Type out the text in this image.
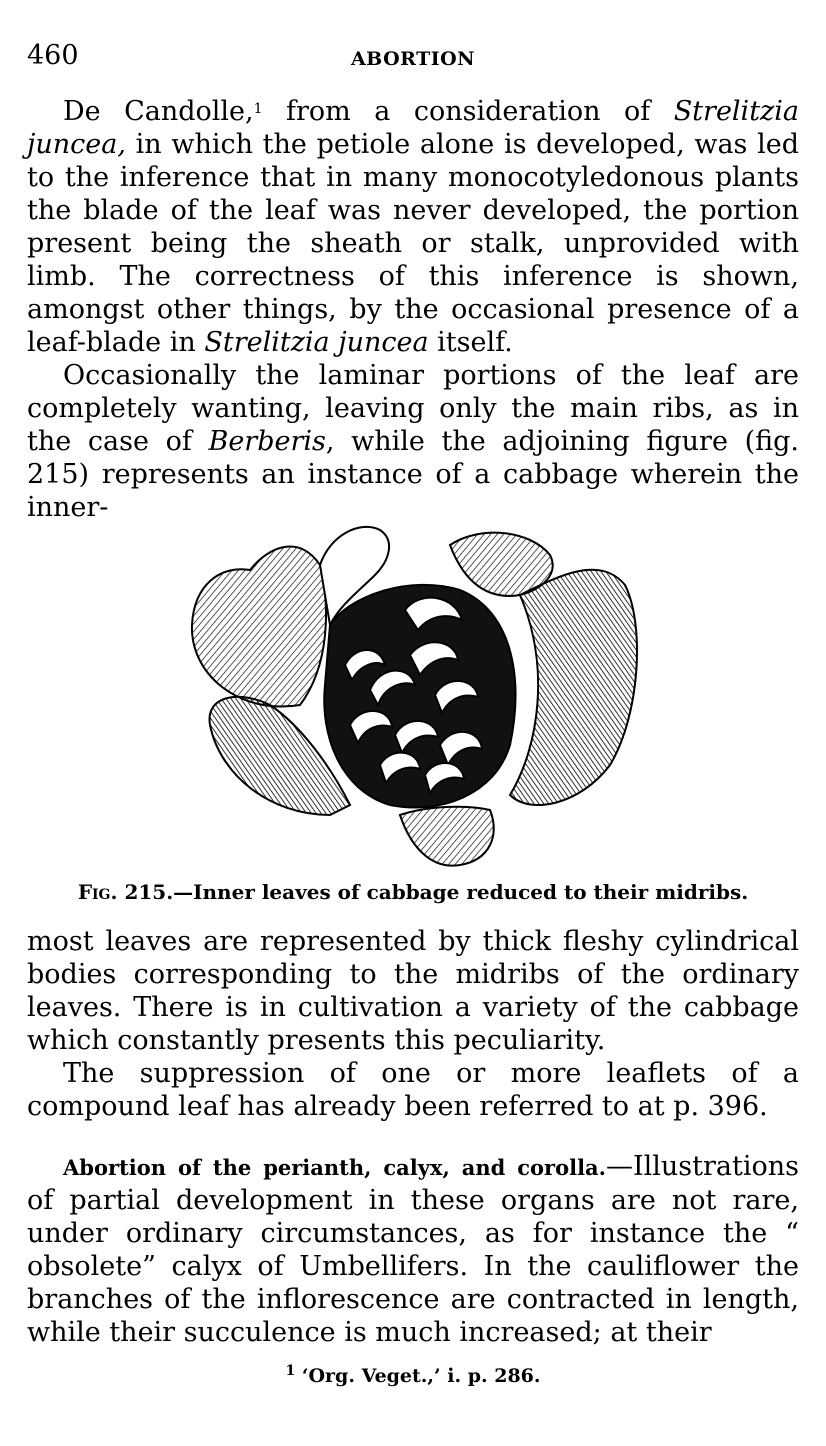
460	ABORTION

De Candolle,$^1$ from a consideration of Strelitzia juncea, in which the petiole alone is developed, was led to the inference that in many monocotyledonous plants the blade of the leaf was never developed, the portion present being the sheath or stalk, unprovided with limb. The correctness of this inference is shown, amongst other things, by the occasional presence of a leaf-blade in Strelitzia juncea itself.

Occasionally the laminar portions of the leaf are completely wanting, leaving only the main ribs, as in the case of Berberis, while the adjoining figure (fig. 215) represents an instance of a cabbage wherein the inner-

Fig. 215.—Inner leaves of cabbage reduced to their midribs.

most leaves are represented by thick fleshy cylindrical bodies corresponding to the midribs of the ordinary leaves. There is in cultivation a variety of the cabbage which constantly presents this peculiarity.

The suppression of one or more leaflets of a compound leaf has already been referred to at p. 396.

Abortion of the perianth, calyx, and corolla.—Illustrations of partial development in these organs are not rare, under ordinary circumstances, as for instance the “ obsolete” calyx of Umbellifers. In the cauliflower the branches of the inflorescence are contracted in length, while their succulence is much increased; at their

$^1$ ‘Org. Veget.,’ i. p. 286.
